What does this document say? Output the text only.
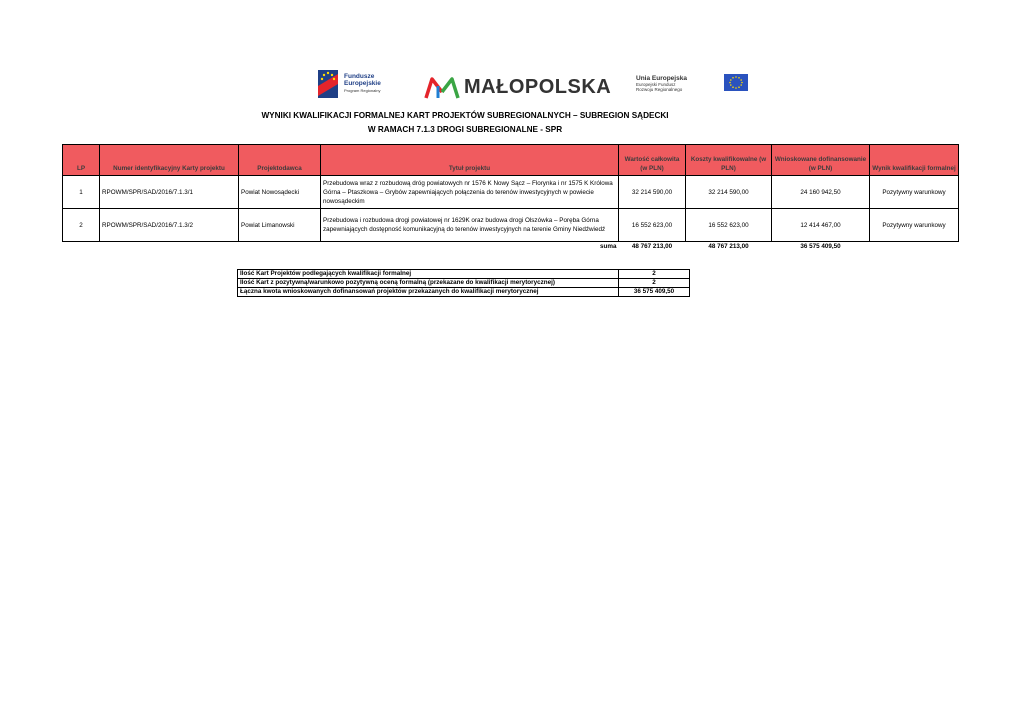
Fundusze
Europejskie
Program Regionalny	MAŁOPOLSKA	Unia Europejska
Europejski Fundusz
Rozwoju Regionalnego
WYNIKI KWALIFIKACJI FORMALNEJ KART PROJEKTÓW SUBREGIONALNYCH – SUBREGION SĄDECKI
W RAMACH 7.1.3 DROGI SUBREGIONALNE - SPR
LP	Numer identyfikacyjny Karty projektu	Projektodawca	Tytuł projektu	Wartość całkowita (w PLN)	Koszty kwalifikowalne (w PLN)	Wnioskowane dofinansowanie (w PLN)	Wynik kwalifikacji formalnej
1	RPOWM/SPR/SAD/2016/7.1.3/1	Powiat Nowosądecki	Przebudowa wraz z rozbudową dróg powiatowych nr 1576 K Nowy Sącz – Florynka i nr 1575 K Królowa Górna – Ptaszkowa – Grybów zapewniających połączenia do terenów inwestycyjnych w powiecie nowosądeckim	32 214 590,00	32 214 590,00	24 160 942,50	Pozytywny warunkowy
2	RPOWM/SPR/SAD/2016/7.1.3/2	Powiat Limanowski	Przebudowa i rozbudowa drogi powiatowej nr 1629K oraz budowa drogi Olszówka – Poręba Górna zapewniających dostępność komunikacyjną do terenów inwestycyjnych na terenie Gminy Niedźwiedź	16 552 623,00	16 552 623,00	12 414 467,00	Pozytywny warunkowy
			suma	48 767 213,00	48 767 213,00	36 575 409,50	
Ilość Kart Projektów podlegających kwalifikacji formalnej	2
Ilość Kart z pozytywną/warunkowo pozytywną oceną formalną (przekazane do kwalifikacji merytorycznej)	2
Łączna kwota wnioskowanych dofinansowań projektów przekazanych do kwalifikacji merytorycznej	36 575 409,50
